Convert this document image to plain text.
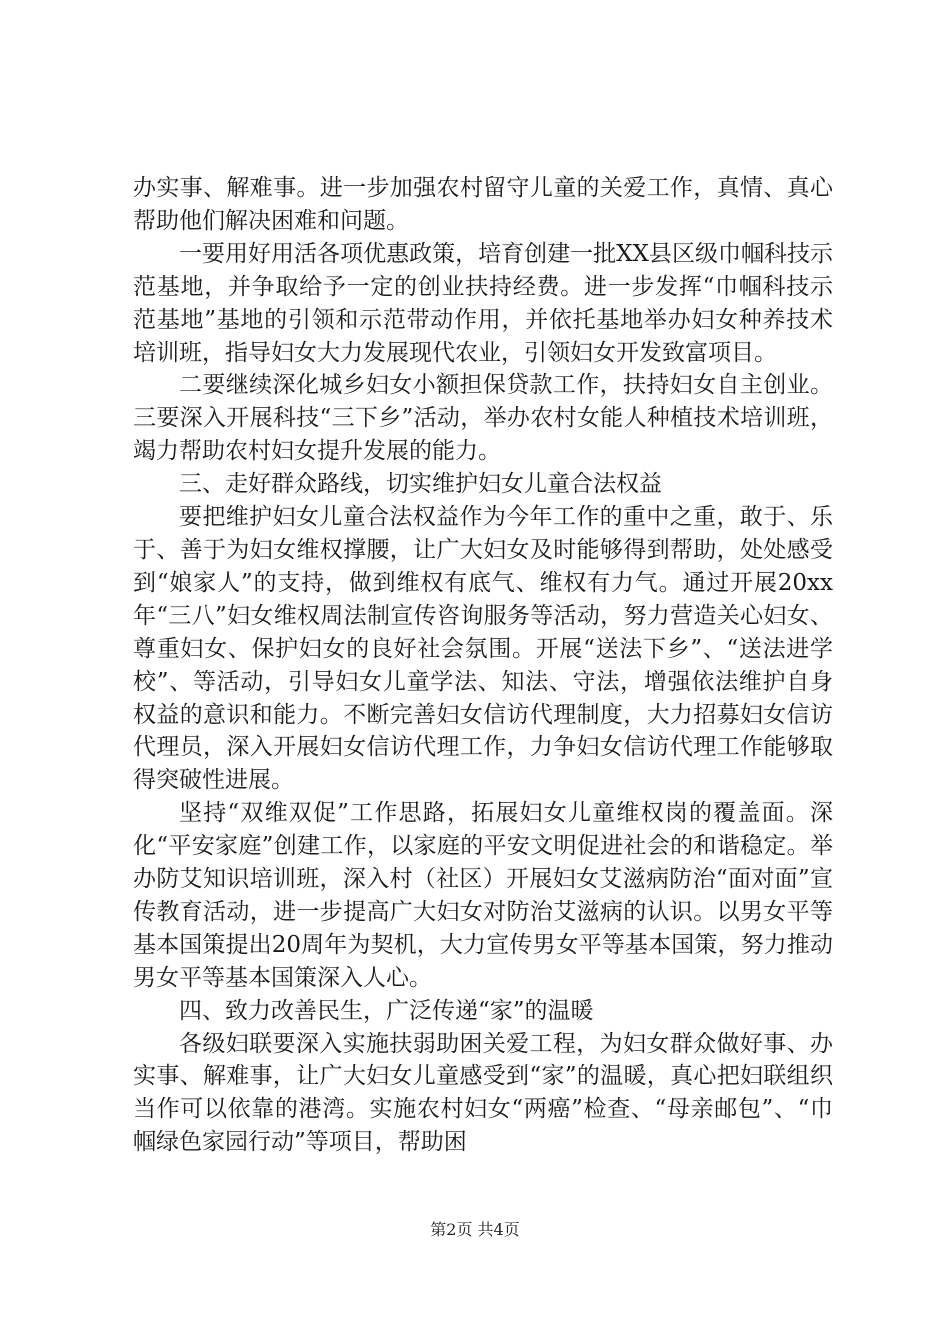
办实事、解难事。进一步加强农村留守儿童的关爱工作，真情、真心帮助他们解决困难和问题。

一要用好用活各项优惠政策，培育创建一批XX县区级巾帼科技示范基地，并争取给予一定的创业扶持经费。进一步发挥“巾帼科技示范基地”基地的引领和示范带动作用，并依托基地举办妇女种养技术培训班，指导妇女大力发展现代农业，引领妇女开发致富项目。

二要继续深化城乡妇女小额担保贷款工作，扶持妇女自主创业。三要深入开展科技“三下乡”活动，举办农村女能人种植技术培训班，竭力帮助农村妇女提升发展的能力。

三、走好群众路线，切实维护妇女儿童合法权益

要把维护妇女儿童合法权益作为今年工作的重中之重，敢于、乐于、善于为妇女维权撑腰，让广大妇女及时能够得到帮助，处处感受到“娘家人”的支持，做到维权有底气、维权有力气。通过开展20xx年“三八”妇女维权周法制宣传咨询服务等活动，努力营造关心妇女、尊重妇女、保护妇女的良好社会氛围。开展“送法下乡”、“送法进学校”、等活动，引导妇女儿童学法、知法、守法，增强依法维护自身权益的意识和能力。不断完善妇女信访代理制度，大力招募妇女信访代理员，深入开展妇女信访代理工作，力争妇女信访代理工作能够取得突破性进展。

坚持“双维双促”工作思路，拓展妇女儿童维权岗的覆盖面。深化“平安家庭”创建工作，以家庭的平安文明促进社会的和谐稳定。举办防艾知识培训班，深入村（社区）开展妇女艾滋病防治“面对面”宣传教育活动，进一步提高广大妇女对防治艾滋病的认识。以男女平等基本国策提出20周年为契机，大力宣传男女平等基本国策，努力推动男女平等基本国策深入人心。

四、致力改善民生，广泛传递“家”的温暖

各级妇联要深入实施扶弱助困关爱工程，为妇女群众做好事、办实事、解难事，让广大妇女儿童感受到“家”的温暖，真心把妇联组织当作可以依靠的港湾。实施农村妇女“两癌”检查、“母亲邮包”、“巾帼绿色家园行动”等项目，帮助困

第2页 共4页
